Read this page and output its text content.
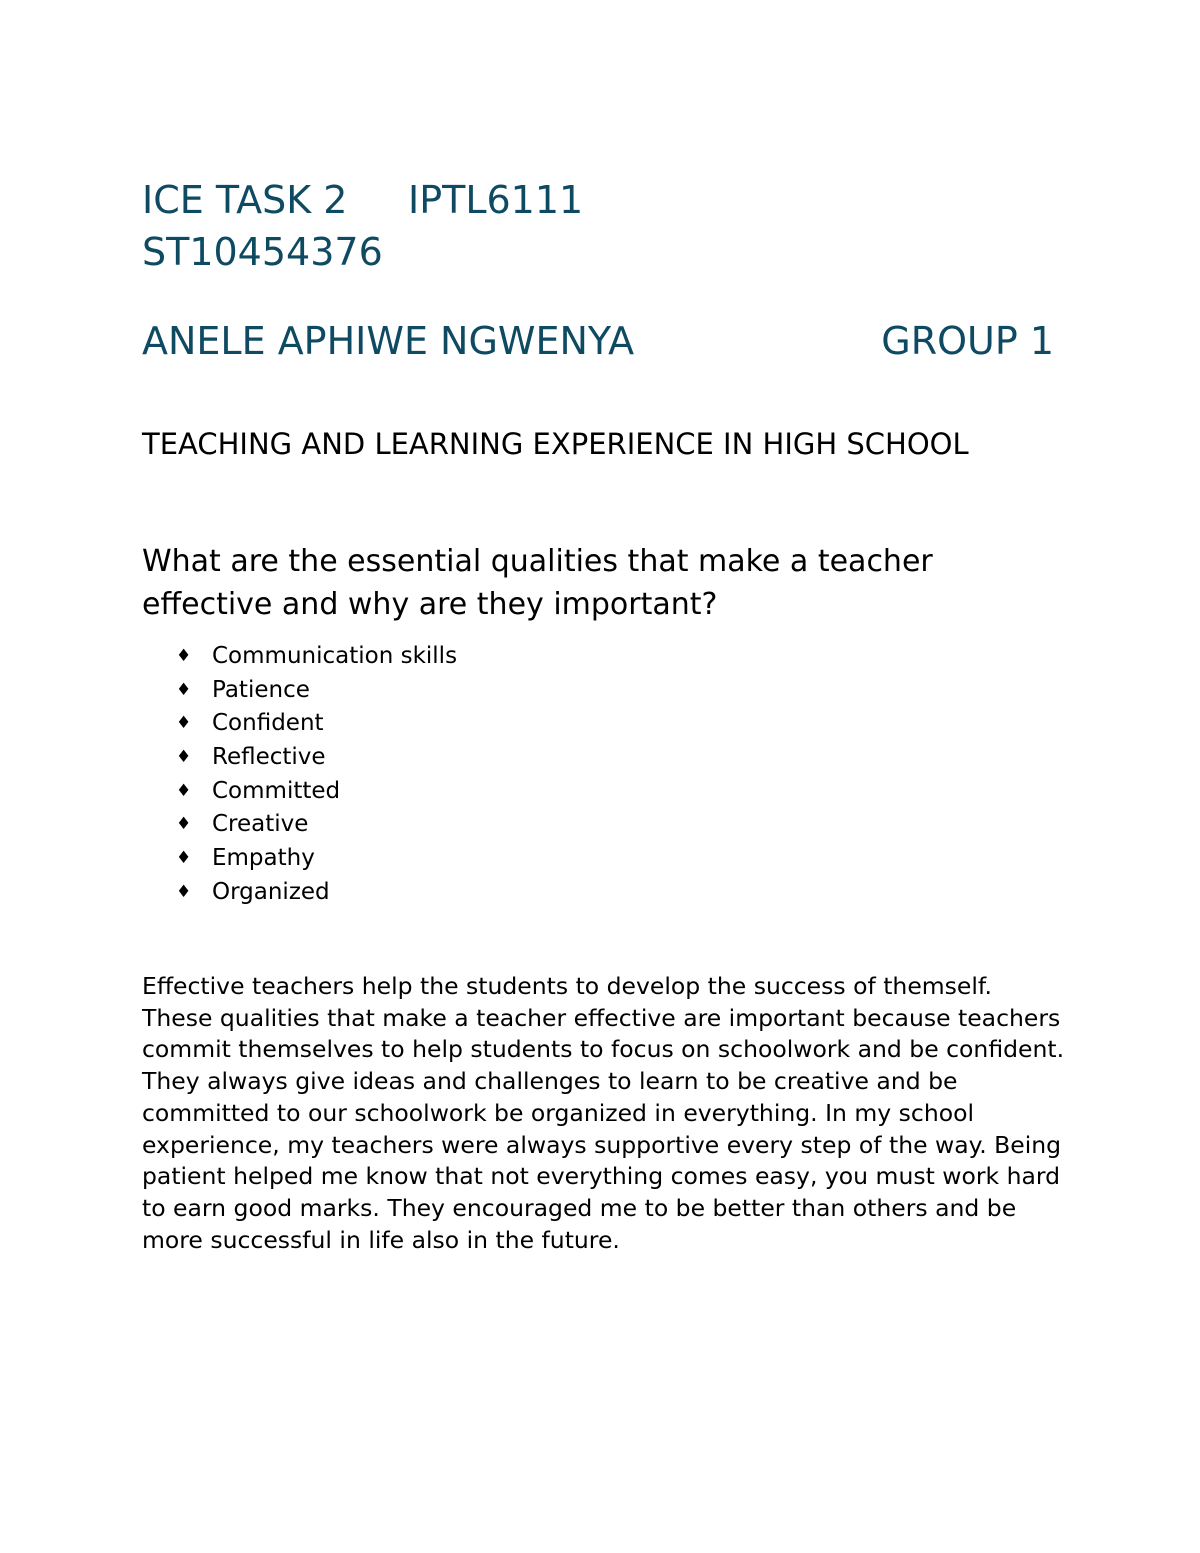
ICE TASK 2 IPTL6111
ST10454376
ANELE APHIWE NGWENYA	GROUP 1
TEACHING AND LEARNING EXPERIENCE IN HIGH SCHOOL
What are the essential qualities that make a teacher effective and why are they important?
♦ Communication skills
♦ Patience
♦ Confident
♦ Reflective
♦ Committed
♦ Creative
♦ Empathy
♦ Organized

Effective teachers help the students to develop the success of themself. These qualities that make a teacher effective are important because teachers commit themselves to help students to focus on schoolwork and be confident. They always give ideas and challenges to learn to be creative and be committed to our schoolwork be organized in everything. In my school experience, my teachers were always supportive every step of the way. Being patient helped me know that not everything comes easy, you must work hard to earn good marks. They encouraged me to be better than others and be more successful in life also in the future.
